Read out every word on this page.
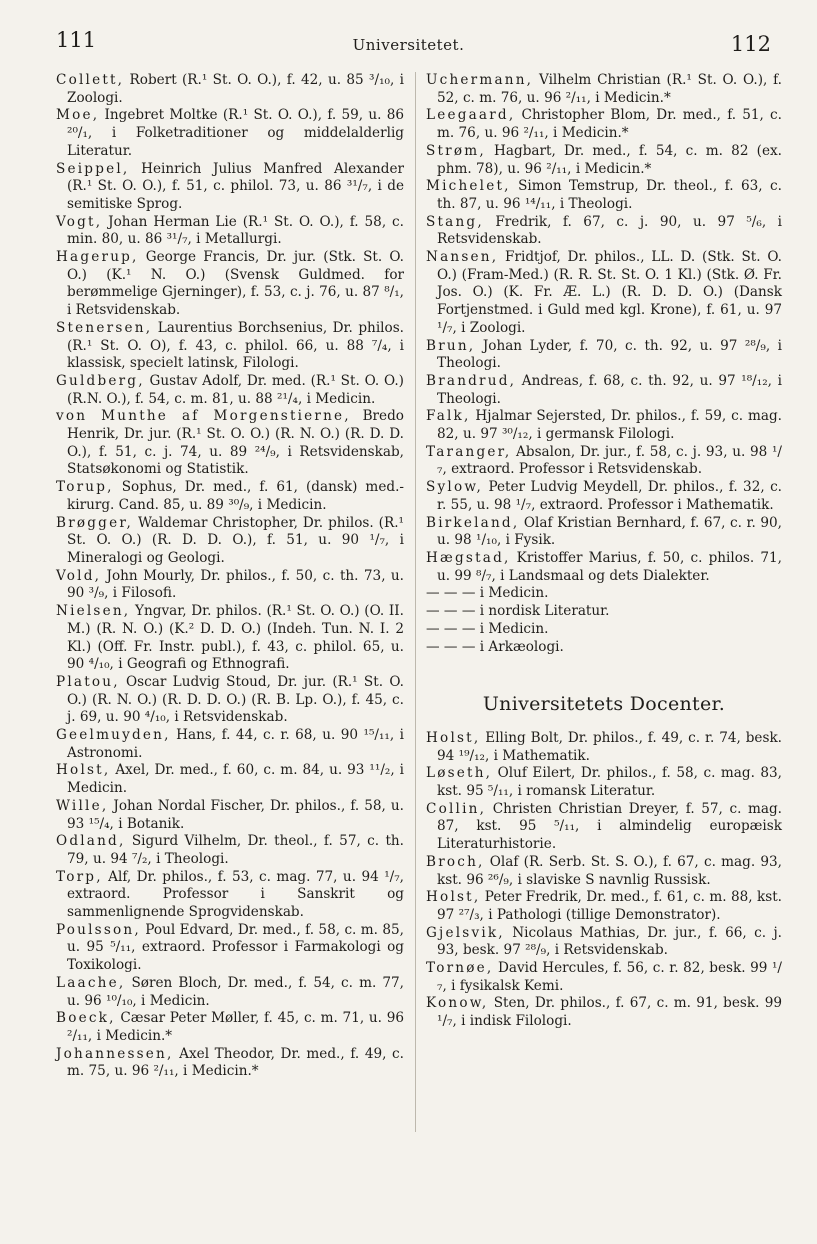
111	Universitetet.	112

Collett, Robert (R.¹ St. O. O.), f. 42, u. 85 ³/₁₀, i Zoologi.

Moe, Ingebret Moltke (R.¹ St. O. O.), f. 59, u. 86 ²⁰/₁, i Folketraditioner og middelalderlig Literatur.

Seippel, Heinrich Julius Manfred Alexander (R.¹ St. O. O.), f. 51, c. philol. 73, u. 86 ³¹/₇, i de semitiske Sprog.

Vogt, Johan Herman Lie (R.¹ St. O. O.), f. 58, c. min. 80, u. 86 ³¹/₇, i Metallurgi.

Hagerup, George Francis, Dr. jur. (Stk. St. O. O.) (K.¹ N. O.) (Svensk Guldmed. for berømmelige Gjerninger), f. 53, c. j. 76, u. 87 ⁸/₁, i Retsvidenskab.

Stenersen, Laurentius Borchsenius, Dr. philos. (R.¹ St. O. O), f. 43, c. philol. 66, u. 88 ⁷/₄, i klassisk, specielt latinsk, Filologi.

Guldberg, Gustav Adolf, Dr. med. (R.¹ St. O. O.) (R.N. O.), f. 54, c. m. 81, u. 88 ²¹/₄, i Medicin.

von Munthe af Morgenstierne, Bredo Henrik, Dr. jur. (R.¹ St. O. O.) (R. N. O.) (R. D. D. O.), f. 51, c. j. 74, u. 89 ²⁴/₉, i Retsvidenskab, Statsøkonomi og Statistik.

Torup, Sophus, Dr. med., f. 61, (dansk) med.-kirurg. Cand. 85, u. 89 ³⁰/₉, i Medicin.

Brøgger, Waldemar Christopher, Dr. philos. (R.¹ St. O. O.) (R. D. D. O.), f. 51, u. 90 ¹/₇, i Mineralogi og Geologi.

Vold, John Mourly, Dr. philos., f. 50, c. th. 73, u. 90 ³/₉, i Filosofi.

Nielsen, Yngvar, Dr. philos. (R.¹ St. O. O.) (O. II. M.) (R. N. O.) (K.² D. D. O.) (Indeh. Tun. N. I. 2 Kl.) (Off. Fr. Instr. publ.), f. 43, c. philol. 65, u. 90 ⁴/₁₀, i Geografi og Ethnografi.

Platou, Oscar Ludvig Stoud, Dr. jur. (R.¹ St. O. O.) (R. N. O.) (R. D. D. O.) (R. B. Lp. O.), f. 45, c. j. 69, u. 90 ⁴/₁₀, i Retsvidenskab.

Geelmuyden, Hans, f. 44, c. r. 68, u. 90 ¹⁵/₁₁, i Astronomi.

Holst, Axel, Dr. med., f. 60, c. m. 84, u. 93 ¹¹/₂, i Medicin.

Wille, Johan Nordal Fischer, Dr. philos., f. 58, u. 93 ¹⁵/₄, i Botanik.

Odland, Sigurd Vilhelm, Dr. theol., f. 57, c. th. 79, u. 94 ⁷/₂, i Theologi.

Torp, Alf, Dr. philos., f. 53, c. mag. 77, u. 94 ¹/₇, extraord. Professor i Sanskrit og sammenlignende Sprogvidenskab.

Poulsson, Poul Edvard, Dr. med., f. 58, c. m. 85, u. 95 ⁵/₁₁, extraord. Professor i Farmakologi og Toxikologi.

Laache, Søren Bloch, Dr. med., f. 54, c. m. 77, u. 96 ¹⁰/₁₀, i Medicin.

Boeck, Cæsar Peter Møller, f. 45, c. m. 71, u. 96 ²/₁₁, i Medicin.*

Johannessen, Axel Theodor, Dr. med., f. 49, c. m. 75, u. 96 ²/₁₁, i Medicin.*

Uchermann, Vilhelm Christian (R.¹ St. O. O.), f. 52, c. m. 76, u. 96 ²/₁₁, i Medicin.*

Leegaard, Christopher Blom, Dr. med., f. 51, c. m. 76, u. 96 ²/₁₁, i Medicin.*

Strøm, Hagbart, Dr. med., f. 54, c. m. 82 (ex. phm. 78), u. 96 ²/₁₁, i Medicin.*

Michelet, Simon Temstrup, Dr. theol., f. 63, c. th. 87, u. 96 ¹⁴/₁₁, i Theologi.

Stang, Fredrik, f. 67, c. j. 90, u. 97 ⁵/₆, i Retsvidenskab.

Nansen, Fridtjof, Dr. philos., LL. D. (Stk. St. O. O.) (Fram-Med.) (R. R. St. St. O. 1 Kl.) (Stk. Ø. Fr. Jos. O.) (K. Fr. Æ. L.) (R. D. D. O.) (Dansk Fortjenstmed. i Guld med kgl. Krone), f. 61, u. 97 ¹/₇, i Zoologi.

Brun, Johan Lyder, f. 70, c. th. 92, u. 97 ²⁸/₉, i Theologi.

Brandrud, Andreas, f. 68, c. th. 92, u. 97 ¹⁸/₁₂, i Theologi.

Falk, Hjalmar Sejersted, Dr. philos., f. 59, c. mag. 82, u. 97 ³⁰/₁₂, i germansk Filologi.

Taranger, Absalon, Dr. jur., f. 58, c. j. 93, u. 98 ¹/₇, extraord. Professor i Retsvidenskab.

Sylow, Peter Ludvig Meydell, Dr. philos., f. 32, c. r. 55, u. 98 ¹/₇, extraord. Professor i Mathematik.

Birkeland, Olaf Kristian Bernhard, f. 67, c. r. 90, u. 98 ¹/₁₀, i Fysik.

Hægstad, Kristoffer Marius, f. 50, c. philos. 71, u. 99 ⁸/₇, i Landsmaal og dets Dialekter.

— — — i Medicin.

— — — i nordisk Literatur.

— — — i Medicin.

— — — i Arkæologi.

Universitetets Docenter.

Holst, Elling Bolt, Dr. philos., f. 49, c. r. 74, besk. 94 ¹⁹/₁₂, i Mathematik.

Løseth, Oluf Eilert, Dr. philos., f. 58, c. mag. 83, kst. 95 ⁵/₁₁, i romansk Literatur.

Collin, Christen Christian Dreyer, f. 57, c. mag. 87, kst. 95 ⁵/₁₁, i almindelig europæisk Literaturhistorie.

Broch, Olaf (R. Serb. St. S. O.), f. 67, c. mag. 93, kst. 96 ²⁶/₉, i slaviske S navnlig Russisk.

Holst, Peter Fredrik, Dr. med., f. 61, c. m. 88, kst. 97 ²⁷/₃, i Pathologi (tillige Demonstrator).

Gjelsvik, Nicolaus Mathias, Dr. jur., f. 66, c. j. 93, besk. 97 ²⁸/₉, i Retsvidenskab.

Tornøe, David Hercules, f. 56, c. r. 82, besk. 99 ¹/₇, i fysikalsk Kemi.

Konow, Sten, Dr. philos., f. 67, c. m. 91, besk. 99 ¹/₇, i indisk Filologi.
